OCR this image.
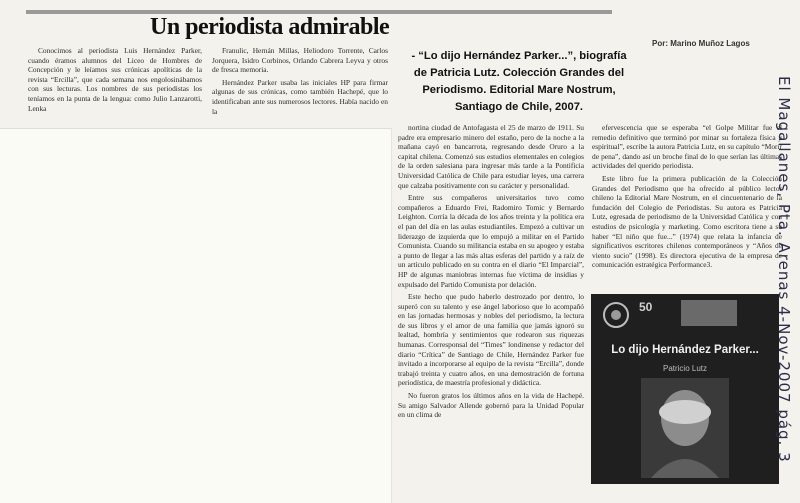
Un periodista admirable
Por: Marino Muñoz Lagos
- “Lo dijo Hernández Parker...”, biografía de Patricia Lutz. Colección Grandes del Periodismo. Editorial Mare Nostrum, Santiago de Chile, 2007.

Conocimos al periodista Luis Hernández Parker, cuando éramos alumnos del Liceo de Hombres de Concepción y le leíamos sus crónicas apolíticas de la revista “Ercilla”, que cada semana nos engolosinábamos con sus lecturas. Los nombres de sus periodistas los teníamos en la punta de la lengua: como Julio Lanzarotti, Lenka

Franulic, Hernán Millas, Heliodoro Torrente, Carlos Jorquera, Isidro Corbinos, Orlando Cabrera Leyva y otros de fresca memoria.

Hernández Parker usaba las iniciales HP para firmar algunas de sus crónicas, como también Hachepé, que lo identificaban ante sus numerosos lectores. Había nacido en la

nortina ciudad de Antofagasta el 25 de marzo de 1911. Su padre era empresario minero del estaño, pero de la noche a la mañana cayó en bancarrota, regresando desde Oruro a la capital chilena. Comenzó sus estudios elementales en colegios de la orden salesiana para ingresar más tarde a la Pontificia Universidad Católica de Chile para estudiar leyes, una carrera que calzaba positivamente con su carácter y personalidad.

Entre sus compañeros universitarios tuvo como compañeros a Eduardo Frei, Radomiro Tomic y Bernardo Leighton. Corría la década de los años treinta y la política era el pan del día en las aulas estudiantiles. Empezó a cultivar un liderazgo de izquierda que lo empujó a militar en el Partido Comunista. Cuando su militancia estaba en su apogeo y estaba a punto de llegar a las más altas esferas del partido y a raíz de un artículo publicado en su contra en el diario “El Imparcial”, HP de algunas maniobras internas fue víctima de insidias y expulsado del Partido Comunista por delación.

Este hecho que pudo haberlo destrozado por dentro, lo superó con su talento y ese ángel laborioso que lo acompañó en las jornadas hermosas y nobles del periodismo, la lectura de sus libros y el amor de una familia que jamás ignoró su lealtad, hombría y sentimientos que rodearon sus riquezas humanas. Corresponsal del “Times” londinense y redactor del diario “Crítica” de Santiago de Chile, Hernández Parker fue invitado a incorporarse al equipo de la revista “Ercilla”, donde trabajó treinta y cuatro años, en una demostración de fortuna periodística, de maestría profesional y didáctica.

No fueron gratos los últimos años en la vida de Hachepé. Su amigo Salvador Allende gobernó para la Unidad Popular en un clima de

efervescencia que se esperaba “el Golpe Militar fue el remedio definitivo que terminó por minar su fortaleza física y espiritual”, escribe la autora Patricia Lutz, en su capítulo “Morir de pena”, dando así un broche final de lo que serían las últimas actividades del querido periodista.

Este libro fue la primera publicación de la Colección Grandes del Periodismo que ha ofrecido al público lector chileno la Editorial Mare Nostrum, en el cincuentenario de la fundación del Colegio de Periodistas. Su autora es Patricia Lutz, egresada de periodismo de la Universidad Católica y con estudios de psicología y marketing. Como escritora tiene a su haber “El niño que fue...” (1974) que relata la infancia de significativos escritores chilenos contemporáneos y “Años de viento sucio” (1998). Es directora ejecutiva de la empresa de comunicación estratégica Performance3.

50
Lo dijo Hernández Parker...
Patricio Lutz	El Magallanes, Pta. Arenas 4-Nov-2007 pág. 3
